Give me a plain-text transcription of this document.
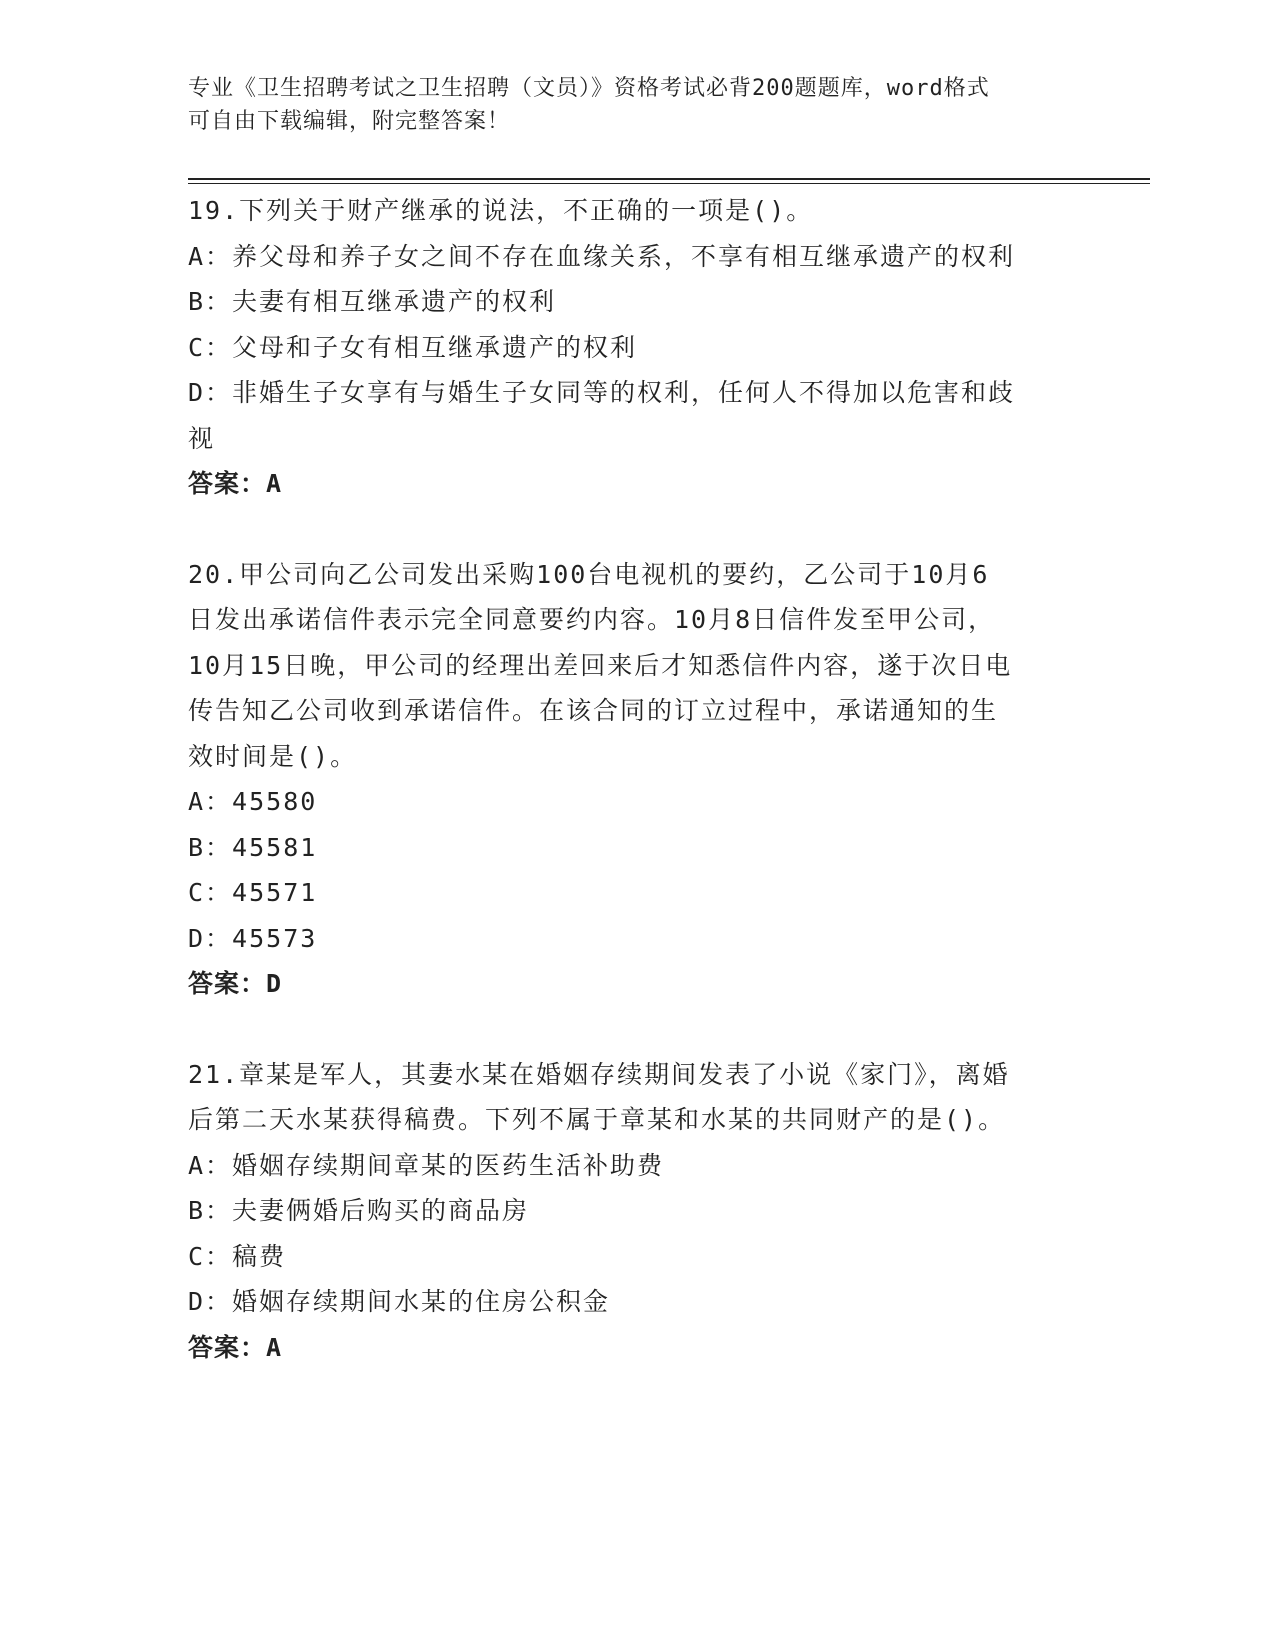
专业《卫生招聘考试之卫生招聘（文员）》资格考试必背200题题库，word格式
可自由下载编辑，附完整答案！
19.下列关于财产继承的说法，不正确的一项是()。
A：养父母和养子女之间不存在血缘关系，不享有相互继承遗产的权利
B：夫妻有相互继承遗产的权利
C：父母和子女有相互继承遗产的权利
D：非婚生子女享有与婚生子女同等的权利，任何人不得加以危害和歧
视
答案：A
20.甲公司向乙公司发出采购100台电视机的要约，乙公司于10月6
日发出承诺信件表示完全同意要约内容。10月8日信件发至甲公司，
10月15日晚，甲公司的经理出差回来后才知悉信件内容，遂于次日电
传告知乙公司收到承诺信件。在该合同的订立过程中，承诺通知的生
效时间是()。
A：45580
B：45581
C：45571
D：45573
答案：D
21.章某是军人，其妻水某在婚姻存续期间发表了小说《家门》，离婚
后第二天水某获得稿费。下列不属于章某和水某的共同财产的是()。
A：婚姻存续期间章某的医药生活补助费
B：夫妻俩婚后购买的商品房
C：稿费
D：婚姻存续期间水某的住房公积金
答案：A
